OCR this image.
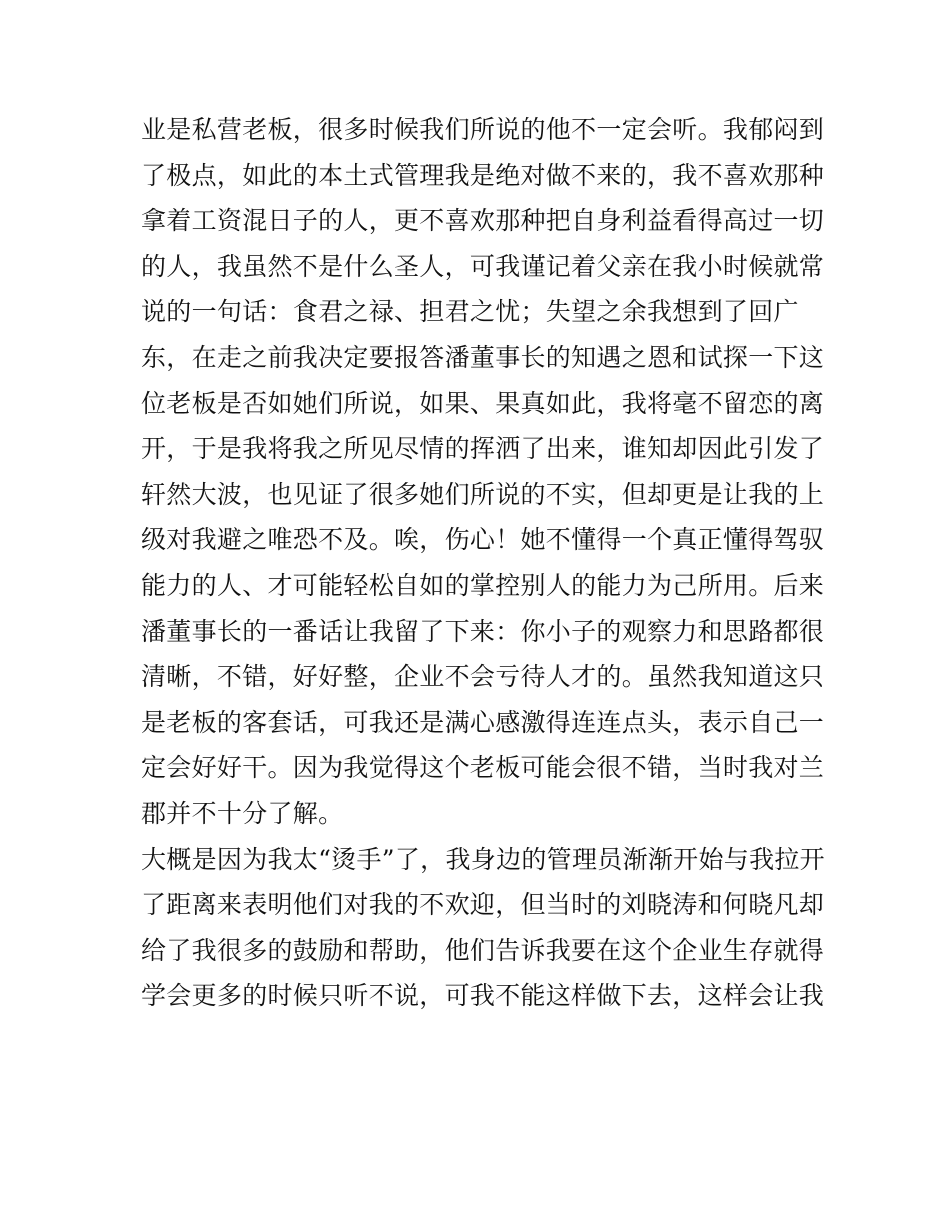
业是私营老板，很多时候我们所说的他不一定会听。我郁闷到
了极点，如此的本土式管理我是绝对做不来的，我不喜欢那种
拿着工资混日子的人，更不喜欢那种把自身利益看得高过一切
的人，我虽然不是什么圣人，可我谨记着父亲在我小时候就常
说的一句话：食君之禄、担君之忧；失望之余我想到了回广
东，在走之前我决定要报答潘董事长的知遇之恩和试探一下这
位老板是否如她们所说，如果、果真如此，我将毫不留恋的离
开，于是我将我之所见尽情的挥洒了出来，谁知却因此引发了
轩然大波，也见证了很多她们所说的不实，但却更是让我的上
级对我避之唯恐不及。唉，伤心！她不懂得一个真正懂得驾驭
能力的人、才可能轻松自如的掌控别人的能力为己所用。后来
潘董事长的一番话让我留了下来：你小子的观察力和思路都很
清晰，不错，好好整，企业不会亏待人才的。虽然我知道这只
是老板的客套话，可我还是满心感激得连连点头，表示自己一
定会好好干。因为我觉得这个老板可能会很不错，当时我对兰
郡并不十分了解。
大概是因为我太“烫手”了，我身边的管理员渐渐开始与我拉开
了距离来表明他们对我的不欢迎，但当时的刘晓涛和何晓凡却
给了我很多的鼓励和帮助，他们告诉我要在这个企业生存就得
学会更多的时候只听不说，可我不能这样做下去，这样会让我
